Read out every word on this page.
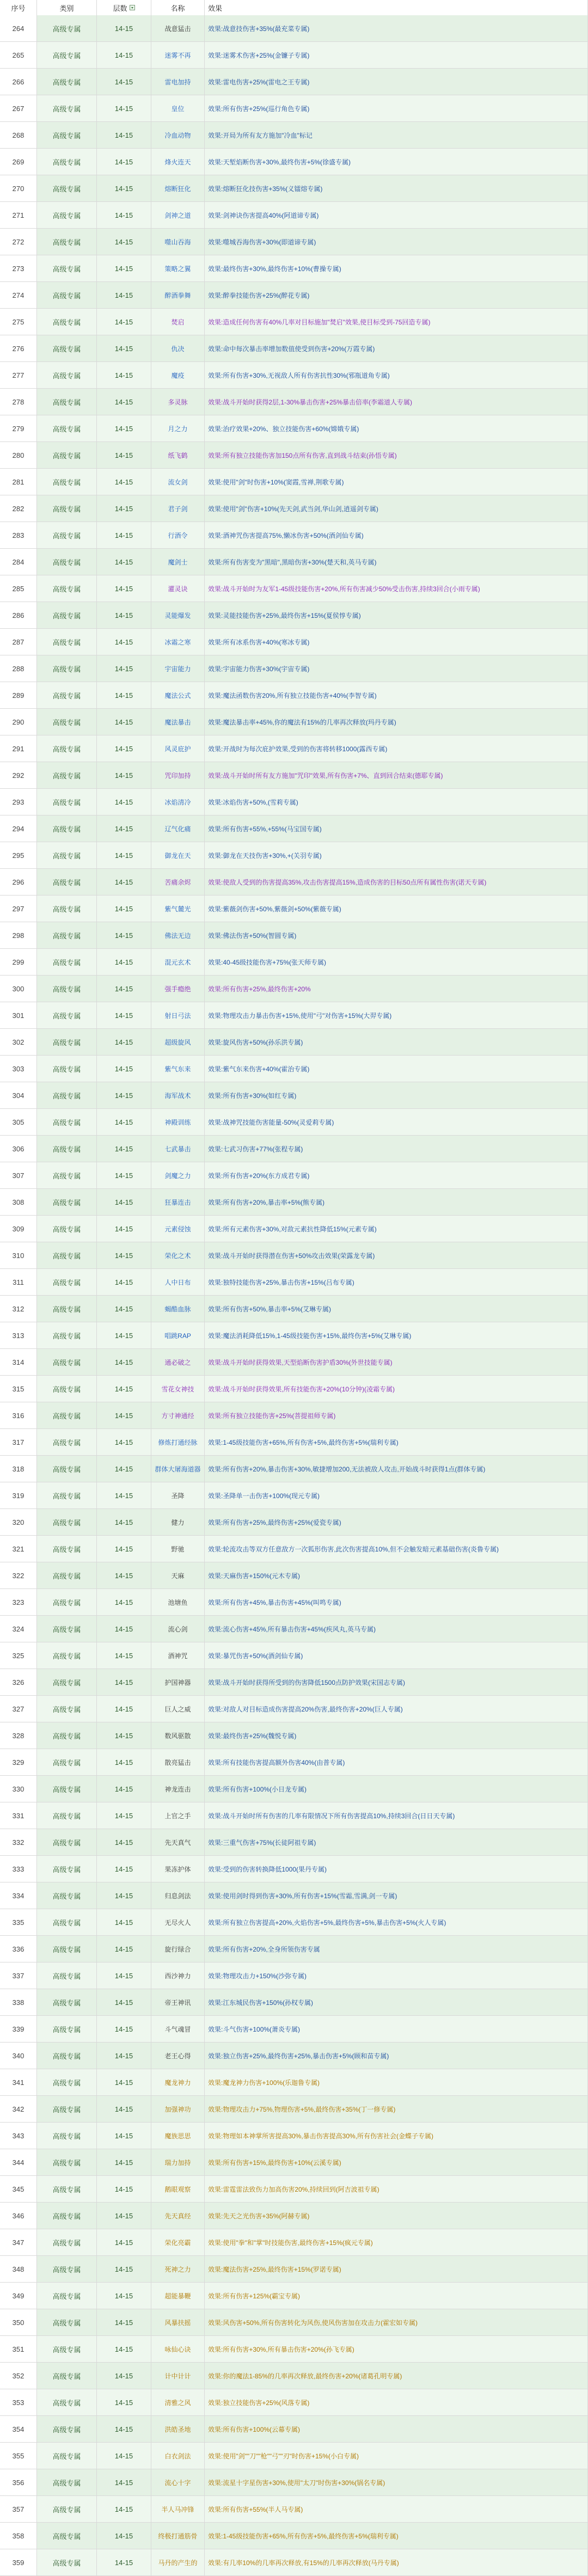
序号	类别	层数	名称	效果
264	高级专属	14-15	战意猛击	效果:战意技伤害+35%(最充菜专属)
265	高级专属	14-15	迷雾不再	效果:迷雾术伤害+25%(金镰子专属)
266	高级专属	14-15	雷电加持	效果:雷电伤害+25%(雷电之王专属)
267	高级专属	14-15	皇位	效果:所有伤害+25%(巡行角色专属)
268	高级专属	14-15	冷血动物	效果:开局为所有友方施加"冷血"标记
269	高级专属	14-15	烽火连天	效果:天堑焰断伤害+30%,最终伤害+5%(徐盛专属)
270	高级专属	14-15	熔断狂化	效果:熔断狂化技伤害+35%(义镭熔专属)
271	高级专属	14-15	剑神之道	效果:剑神诀伤害提高40%(阿道谛专属)
272	高级专属	14-15	噬山吞海	效果:噬城吞海伤害+30%(即道谛专属)
273	高级专属	14-15	策略之翼	效果:最终伤害+30%,最终伤害+10%(曹操专属)
274	高级专属	14-15	醉酒拳舞	效果:醉拳技能伤害+25%(醉花专属)
275	高级专属	14-15	焚启	效果:造成任何伤害有40%几率对目标施加"焚启"效果,使目标受到-75回造专属)
276	高级专属	14-15	仇决	效果:命中每次暴击率增加数值使受到伤害+20%(万霞专属)
277	高级专属	14-15	魔疫	效果:所有伤害+30%,无视敌人所有伤害抗性30%(邪瓶道角专属)
278	高级专属	14-15	多灵脉	效果:战斗开始时获得2层,1-30%暴击伤害+25%暴击倍率(李霜道人专属)
279	高级专属	14-15	月之力	效果:治疗效果+20%、独立技能伤害+60%(嫦娥专属)
280	高级专属	14-15	纸飞鹤	效果:所有独立技能伤害加150点所有伤害,直到战斗结束(孙悟专属)
281	高级专属	14-15	流女剑	效果:使用"剑"时伤害+10%(窦霞,雪禅,荆歌专属)
282	高级专属	14-15	君子剑	效果:使用"剑"伤害+10%(先天剑,武当剑,华山剑,逍遥剑专属)
283	高级专属	14-15	行酒令	效果:酒神咒伤害提高75%,懒冰伤害+50%(酒剑仙专属)
284	高级专属	14-15	魔剑士	效果:所有伤害变为"黑暗",黑暗伤害+30%(楚天和,英马专属)
285	高级专属	14-15	灌灵诀	效果:战斗开始时为友军1-45级技能伤害+20%,所有伤害减少50%受击伤害,持续3回合(小雨专属)
286	高级专属	14-15	灵能爆发	效果:灵能技能伤害+25%,最终伤害+15%(夏侯惇专属)
287	高级专属	14-15	冰霜之寒	效果:所有冰系伤害+40%(寒冰专属)
288	高级专属	14-15	宇宙能力	效果:宇宙能力伤害+30%(宇宙专属)
289	高级专属	14-15	魔法公式	效果:魔法函数伤害20%,所有独立技能伤害+40%(李智专属)
290	高级专属	14-15	魔法暴击	效果:魔法暴击率+45%,你的魔法有15%的几率再次释放(玛丹专属)
291	高级专属	14-15	风灵庇护	效果:开战时为每次庇护效果,受到的伤害将转移1000(露西专属)
292	高级专属	14-15	咒印加持	效果:战斗开始时所有友方施加"咒印"效果,所有伤害+7%、直到回合结束(德耶专属)
293	高级专属	14-15	冰焰清冷	效果:冰焰伤害+50%,(雪莉专属)
294	高级专属	14-15	辽气化痛	效果:所有伤害+55%,+55%(马宝国专属)
295	高级专属	14-15	御龙在天	效果:御龙在天技伤害+30%,+(关羽专属)
296	高级专属	14-15	苦痛余烬	效果:使敌人受到的伤害提高35%,攻击伤害提高15%,造成伤害的目标50点所有属性伤害(诺天专属)
297	高级专属	14-15	紫气麓光	效果:紫薇剑伤害+50%,紫薇剑+50%(紫薇专属)
298	高级专属	14-15	佛法无边	效果:佛法伤害+50%(智圆专属)
299	高级专属	14-15	混元玄术	效果:40-45级技能伤害+75%(张天师专属)
300	高级专属	14-15	强手瘾绝	效果:所有伤害+25%,最终伤害+20%
301	高级专属	14-15	射日弓法	效果:物理攻击力暴击伤害+15%,使用"弓"对伤害+15%(大羿专属)
302	高级专属	14-15	超级旋风	效果:旋风伤害+50%(孙乐洪专属)
303	高级专属	14-15	紫气东来	效果:紫气东来伤害+40%(霍治专属)
304	高级专属	14-15	海军战术	效果:所有伤害+30%(如红专属)
305	高级专属	14-15	神殿训练	效果:战神咒技能伤害能量-50%(灵爱莉专属)
306	高级专属	14-15	七武暴击	效果:七武习伤害+77%(张程专属)
307	高级专属	14-15	剑魔之力	效果:所有伤害+20%(东方成君专属)
308	高级专属	14-15	狂暴连击	效果:所有伤害+20%,暴击率+5%(熊专属)
309	高级专属	14-15	元素侵蚀	效果:所有元素伤害+30%,对敌元素抗性降低15%(元素专属)
310	高级专属	14-15	荣化之术	效果:战斗开始时获得潜在伤害+50%攻击效果(荣露龙专属)
311	高级专属	14-15	人中日布	效果:独特技能伤害+25%,暴击伤害+15%(吕布专属)
312	高级专属	14-15	蝎酷血脉	效果:所有伤害+50%,暴击率+5%(艾琳专属)
313	高级专属	14-15	唱跳RAP	效果:魔法消耗降低15%,1-45级技能伤害+15%,最终伤害+5%(艾琳专属)
314	高级专属	14-15	通必破之	效果:战斗开始时获得效果,天型焰断伤害护盾30%(外世技能专属)
315	高级专属	14-15	雪花女神技	效果:战斗开始时获得效果,所有技能伤害+20%(10分钟)(凌霜专属)
316	高级专属	14-15	方寸神通经	效果:所有独立技能伤害+25%(菩提祖师专属)
317	高级专属	14-15	修炼打通经脉	效果:1-45级技能伤害+65%,所有伤害+5%,最终伤害+5%(瑞利专属)
318	高级专属	14-15	群体大屠海道器	效果:所有伤害+20%,暴击伤害+30%,敏捷增加200,无法被敌人攻击,开始战斗时获得1点(群体专属)
319	高级专属	14-15	圣降	效果:圣降单一击伤害+100%(现元专属)
320	高级专属	14-15	健力	效果:所有伤害+25%,最终伤害+25%(爱瓷专属)
321	高级专属	14-15	野驰	效果:轮流攻击等双方任意敌方一次狐形伤害,此次伤害提高10%,但不会触发暗元素基础伤害(炎鲁专属)
322	高级专属	14-15	天麻	效果:天麻伤害+150%(元木专属)
323	高级专属	14-15	池塘鱼	效果:所有伤害+45%,暴击伤害+45%(叫鸣专属)
324	高级专属	14-15	流心剑	效果:流心伤害+45%,所有暴击伤害+45%(疾风丸,英马专属)
325	高级专属	14-15	酒神咒	效果:暴咒伤害+50%(酒剑仙专属)
326	高级专属	14-15	护国神器	效果:战斗开始时获得所受到的伤害降低1500点防护效果(宋国志专属)
327	高级专属	14-15	巨人之威	效果:对敌人对目标造成伤害提高20%伤害,最终伤害+20%(巨人专属)
328	高级专属	14-15	数风驱散	效果:最终伤害+25%(魏悦专属)
329	高级专属	14-15	散亮猛击	效果:所有技能伤害提高额外伤害40%(由普专属)
330	高级专属	14-15	神龙连击	效果:所有伤害+100%(小日龙专属)
331	高级专属	14-15	上官之手	效果:战斗开始时所有伤害的几率有限情况下所有伤害提高10%,持续3回合(日日天专属)
332	高级专属	14-15	先天真气	效果:三重气伤害+75%(长徒阿祖专属)
333	高级专属	14-15	果冻护体	效果:受到的伤害转换降低1000(果丹专属)
334	高级专属	14-15	归息剑法	效果:使用剑时得到伤害+30%,所有伤害+15%(雪霜,雪满,剑一专属)
335	高级专属	14-15	无尽火人	效果:所有独立伤害提高+20%,火焰伤害+5%,最终伤害+5%,暴击伤害+5%(火人专属)
336	高级专属	14-15	旋行绿合	效果:所有伤害+20%,全身所领伤害专属
337	高级专属	14-15	西沙神力	效果:物理攻击力+150%(沙弥专属)
338	高级专属	14-15	帝王神讯	效果:江东城民伤害+150%(孙权专属)
339	高级专属	14-15	斗气魂冒	效果:斗气伤害+100%(萧炎专属)
340	高级专属	14-15	老王心得	效果:独立伤害+25%,最终伤害+25%,暴击伤害+5%(顾和苗专属)
341	高级专属	14-15	魔龙神力	效果:魔龙神力伤害+100%(乐迦鲁专属)
342	高级专属	14-15	加强神功	效果:物理攻击力+75%,物理伤害+5%,最终伤害+35%(丁一修专属)
343	高级专属	14-15	魔族思思	效果:物理如本神掌所害提高30%,暴击伤害提高30%,所有伤害社会(金蝶子专属)
344	高级专属	14-15	瑞力加持	效果:所有伤害+15%,最终伤害+10%(云溪专属)
345	高级专属	14-15	鹅眼观察	效果:雷霆雷法致伤力加高伤害20%,持续回到(阿吉波祖专属)
346	高级专属	14-15	先天真经	效果:先天之光伤害+35%(阿赫专属)
347	高级专属	14-15	荣化亮霸	效果:使用"拳"和"掌"时技能伤害,最终伤害+15%(疯元专属)
348	高级专属	14-15	死神之力	效果:魔法伤害+25%,最终伤害+15%(罗诺专属)
349	高级专属	14-15	超能暴鞭	效果:所有伤害+125%(霸宝专属)
350	高级专属	14-15	风暴扶摇	效果:风伤害+50%,所有伤害转化为风伤,使风伤害加在攻击力(霍宏如专属)
351	高级专属	14-15	咏仙心诀	效果:所有伤害+30%,所有暴击伤害+20%(孙飞专属)
352	高级专属	14-15	计中计计	效果:你的魔法1-85%的几率再次释放,最终伤害+20%(诸葛孔明专属)
353	高级专属	14-15	清雅之风	效果:独立技能伤害+25%(风落专属)
354	高级专属	14-15	洪皓圣地	效果:所有伤害+100%(云幕专属)
355	高级专属	14-15	白衣剑法	效果:使用"剑""刀""枪""弓""刃"时伤害+15%(小白专属)
356	高级专属	14-15	流心十字	效果:流星十字星伤害+30%,使用"太刀"时伤害+30%(锅名专属)
357	高级专属	14-15	半人马冲锋	效果:所有伤害+55%(半人马专属)
358	高级专属	14-15	终极打通筋骨	效果:1-45级技能伤害+65%,所有伤害+5%,最终伤害+5%(瑞利专属)
359	高级专属	14-15	马丹的产生的	效果:有几率10%的几率再次释放,有15%的几率再次释放(马丹专属)
